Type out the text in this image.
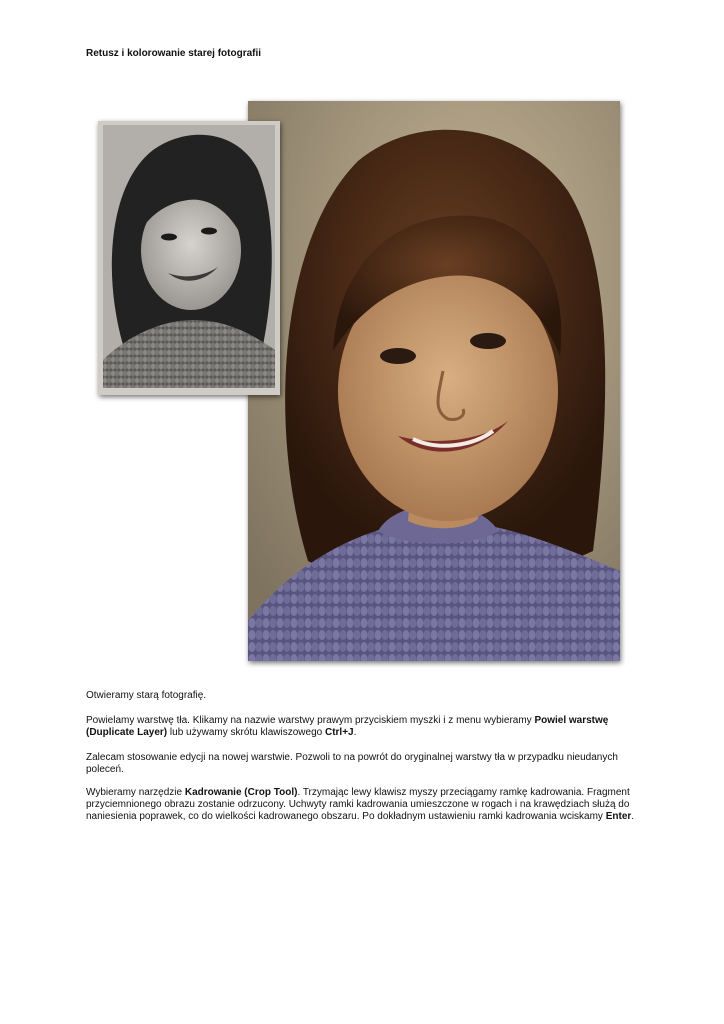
Retusz i kolorowanie starej fotografii

Otwieramy starą fotografię.

Powielamy warstwę tła. Klikamy na nazwie warstwy prawym przyciskiem myszki i z menu wybieramy Powiel warstwę (Duplicate Layer) lub używamy skrótu klawiszowego Ctrl+J.

Zalecam stosowanie edycji na nowej warstwie. Pozwoli to na powrót do oryginalnej warstwy tła w przypadku nieudanych poleceń.

Wybieramy narzędzie Kadrowanie (Crop Tool). Trzymając lewy klawisz myszy przeciągamy ramkę kadrowania. Fragment przyciemnionego obrazu zostanie odrzucony. Uchwyty ramki kadrowania umieszczone w rogach i na krawędziach służą do naniesienia poprawek, co do wielkości kadrowanego obszaru. Po dokładnym ustawieniu ramki kadrowania wciskamy Enter.
